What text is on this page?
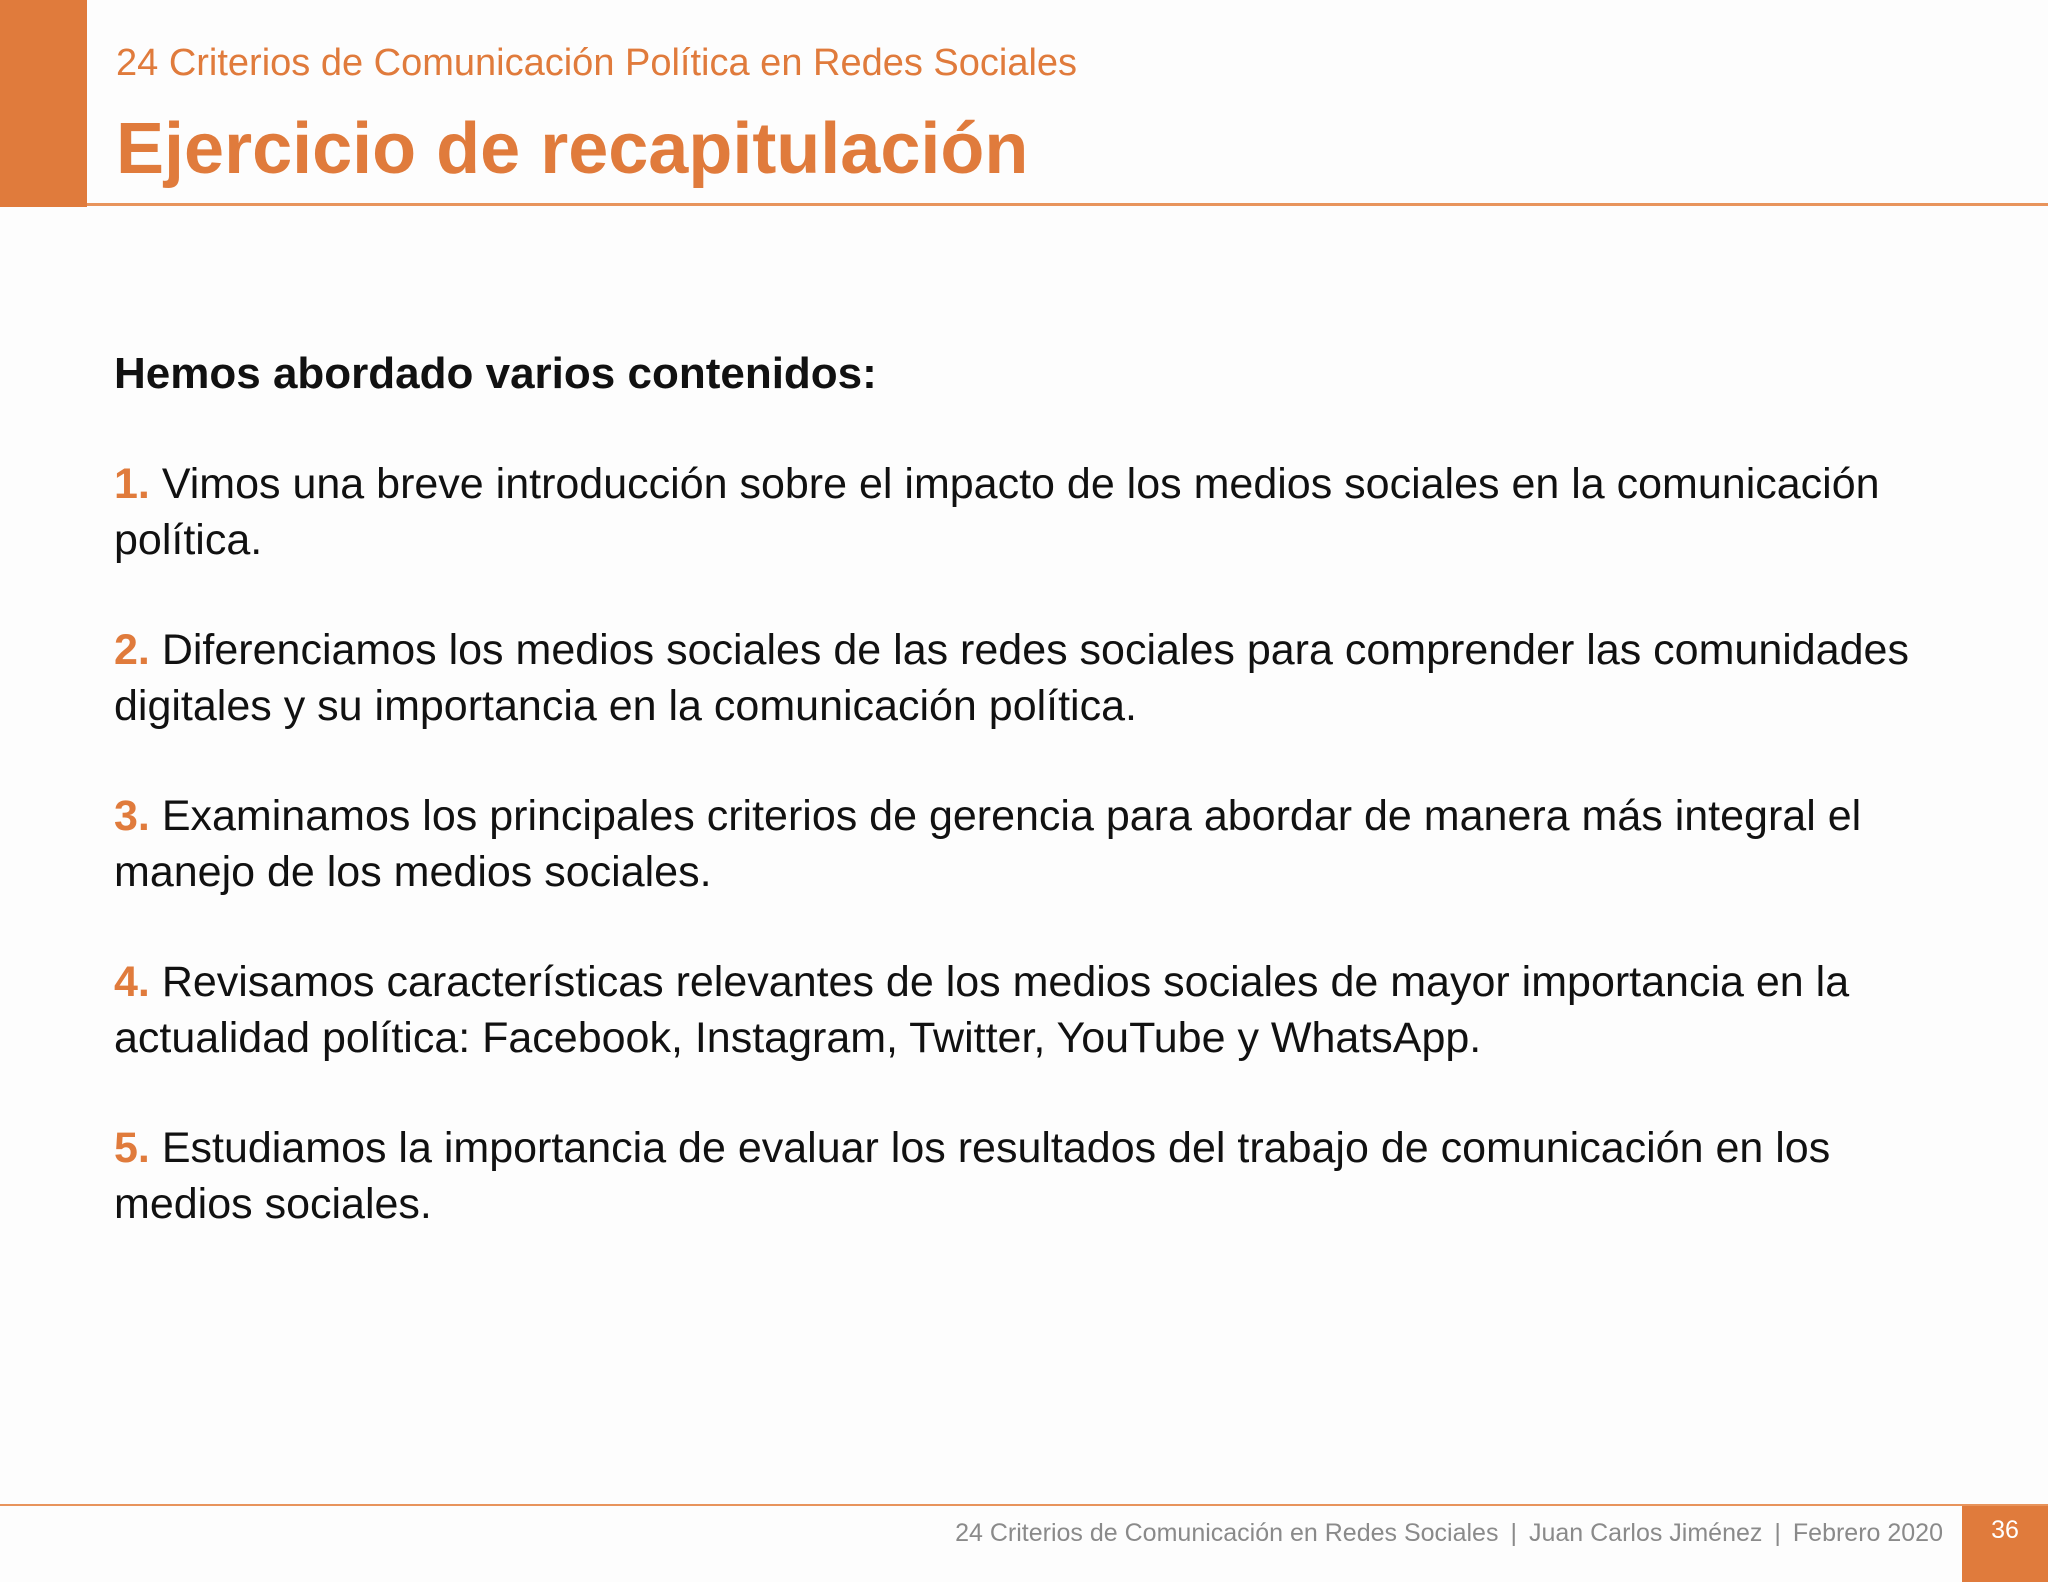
24 Criterios de Comunicación Política en Redes Sociales
Ejercicio de recapitulación

Hemos abordado varios contenidos:

1. Vimos una breve introducción sobre el impacto de los medios sociales en la comunicación política.

2. Diferenciamos los medios sociales de las redes sociales para comprender las comunidades digitales y su importancia en la comunicación política.

3. Examinamos los principales criterios de gerencia para abordar de manera más integral el manejo de los medios sociales.

4. Revisamos características relevantes de los medios sociales de mayor importancia en la actualidad política: Facebook, Instagram, Twitter, YouTube y WhatsApp.

5. Estudiamos la importancia de evaluar los resultados del trabajo de comunicación en los medios sociales.

24 Criterios de Comunicación en Redes Sociales | Juan Carlos Jiménez | Febrero 2020	36
